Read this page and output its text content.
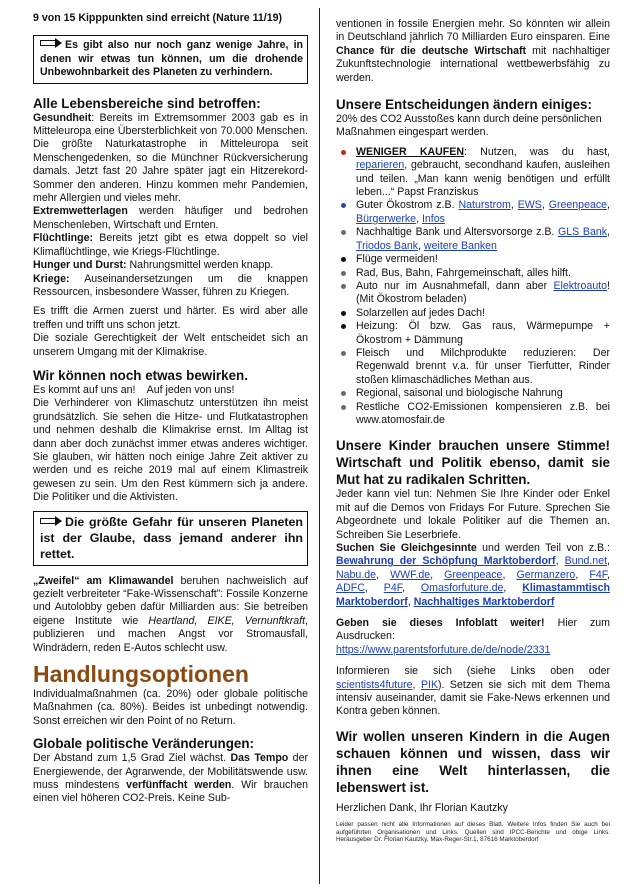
9 von 15 Kipppunkten sind erreicht (Nature 11/19)

Es gibt also nur noch ganz wenige Jahre, in denen wir etwas tun können, um die drohende Unbewohnbarkeit des Planeten zu verhindern.

Alle Lebensbereiche sind betroffen:

Gesundheit: Bereits im Extremsommer 2003 gab es in Mitteleuropa eine Übersterblichkeit von 70.000 Menschen. Die größte Naturkatastrophe in Mitteleuropa seit Menschengedenken, so die Münchner Rückversicherung damals. Jetzt fast 20 Jahre später jagt ein Hitzerekord-Sommer den anderen. Hinzu kommen mehr Pandemien, mehr Allergien und vieles mehr.

Extremwetterlagen werden häufiger und bedrohen Menschenleben, Wirtschaft und Ernten.

Flüchtlinge: Bereits jetzt gibt es etwa doppelt so viel Klimaflüchtlinge, wie Kriegs-Flüchtlinge.

Hunger und Durst: Nahrungsmittel werden knapp.

Kriege: Auseinandersetzungen um die knappen Ressourcen, insbesondere Wasser, führen zu Kriegen.

Es trifft die Armen zuerst und härter. Es wird aber alle treffen und trifft uns schon jetzt.

Die soziale Gerechtigkeit der Welt entscheidet sich an unserem Umgang mit der Klimakrise.

Wir können noch etwas bewirken.

Es kommt auf uns an!    Auf jeden von uns!

Die Verhinderer von Klimaschutz unterstützen ihn meist grundsätzlich. Sie sehen die Hitze- und Flutkatastrophen und nehmen deshalb die Klimakrise ernst. Im Alltag ist dann aber doch zunächst immer etwas anderes wichtiger. Sie glauben, wir hätten noch einige Jahre Zeit aktiver zu werden und es reiche 2019 mal auf einem Klimastreik gewesen zu sein. Um den Rest kümmern sich ja andere. Die Politiker und die Aktivisten.

Die größte Gefahr für unseren Planeten ist der Glaube, dass jemand anderer ihn rettet.

„Zweifel“ am Klimawandel beruhen nachweislich auf gezielt verbreiteter “Fake-Wissenschaft”: Fossile Konzerne und Autolobby geben dafür Milliarden aus: Sie betreiben eigene Institute wie Heartland, EIKE, Vernunftkraft, publizieren und machen Angst vor Stromausfall, Windrädern, reden E-Autos schlecht usw.

Handlungsoptionen

Individualmaßnahmen (ca. 20%) oder globale politische Maßnahmen (ca. 80%). Beides ist unbedingt notwendig. Sonst erreichen wir den Point of no Return.

Globale politische Veränderungen:

Der Abstand zum 1,5 Grad Ziel wächst. Das Tempo der Energiewende, der Agrarwende, der Mobilitätswende usw. muss mindestens verfünffacht werden. Wir brauchen einen viel höheren CO2-Preis. Keine Sub-

ventionen in fossile Energien mehr. So könnten wir allein in Deutschland jährlich 70 Milliarden Euro einsparen. Eine Chance für die deutsche Wirtschaft mit nachhaltiger Zukunftstechnologie international wettbewerbsfähig zu werden.

Unsere Entscheidungen ändern einiges:

20% des CO2 Ausstoßes kann durch deine persönlichen Maßnahmen eingespart werden.

WENIGER KAUFEN: Nutzen, was du hast, reparieren, gebraucht, secondhand kaufen, ausleihen und teilen. „Man kann wenig benötigen und erfüllt leben...“ Papst Franziskus
Guter Ökostrom z.B. Naturstrom, EWS, Greenpeace, Bürgerwerke, Infos
Nachhaltige Bank und Altersvorsorge z.B. GLS Bank, Triodos Bank, weitere Banken
Flüge vermeiden!
Rad, Bus, Bahn, Fahrgemeinschaft, alles hilft.
Auto nur im Ausnahmefall, dann aber Elektroauto! (Mit Ökostrom beladen)
Solarzellen auf jedes Dach!
Heizung: Öl bzw. Gas raus, Wärmepumpe + Ökostrom + Dämmung
Fleisch und Milchprodukte reduzieren: Der Regenwald brennt v.a. für unser Tierfutter, Rinder stoßen klimaschädliches Methan aus.
Regional, saisonal und biologische Nahrung
Restliche CO2-Emissionen kompensieren z.B. bei www.atomosfair.de

Unsere Kinder brauchen unsere Stimme! Wirtschaft und Politik ebenso, damit sie Mut hat zu radikalen Schritten.

Jeder kann viel tun: Nehmen Sie Ihre Kinder oder Enkel mit auf die Demos von Fridays For Future. Sprechen Sie Abgeordnete und lokale Politiker auf die Themen an. Schreiben Sie Leserbriefe.

Suchen Sie Gleichgesinnte und werden Teil von z.B.: Bewahrung der Schöpfung Marktoberdorf, Bund.net, Nabu.de, WWF.de, Greenpeace, Germanzero, F4F, ADFC, P4F, Omasforfuture.de, Klimastammtisch Marktoberdorf, Nachhaltiges Marktoberdorf

Geben sie dieses Infoblatt weiter! Hier zum Ausdrucken: https://www.parentsforfuture.de/de/node/2331

Informieren sie sich (siehe Links oben oder scientists4future, PIK). Setzen sie sich mit dem Thema intensiv auseinander, damit sie Fake-News erkennen und Kontra geben können.

Wir wollen unseren Kindern in die Augen schauen können und wissen, dass wir ihnen eine Welt hinterlassen, die lebenswert ist.

Herzlichen Dank, Ihr Florian Kautzky

Leider passen nicht alle Informationen auf dieses Blatt. Weitere Infos finden Sie auch bei aufgeführten Organisationen und Links. Quellen sind IPCC-Berichte und obige Links. Herausgeber Dr. Florian Kautzky, Max-Reger-Str.1, 87616 Marktoberdorf
